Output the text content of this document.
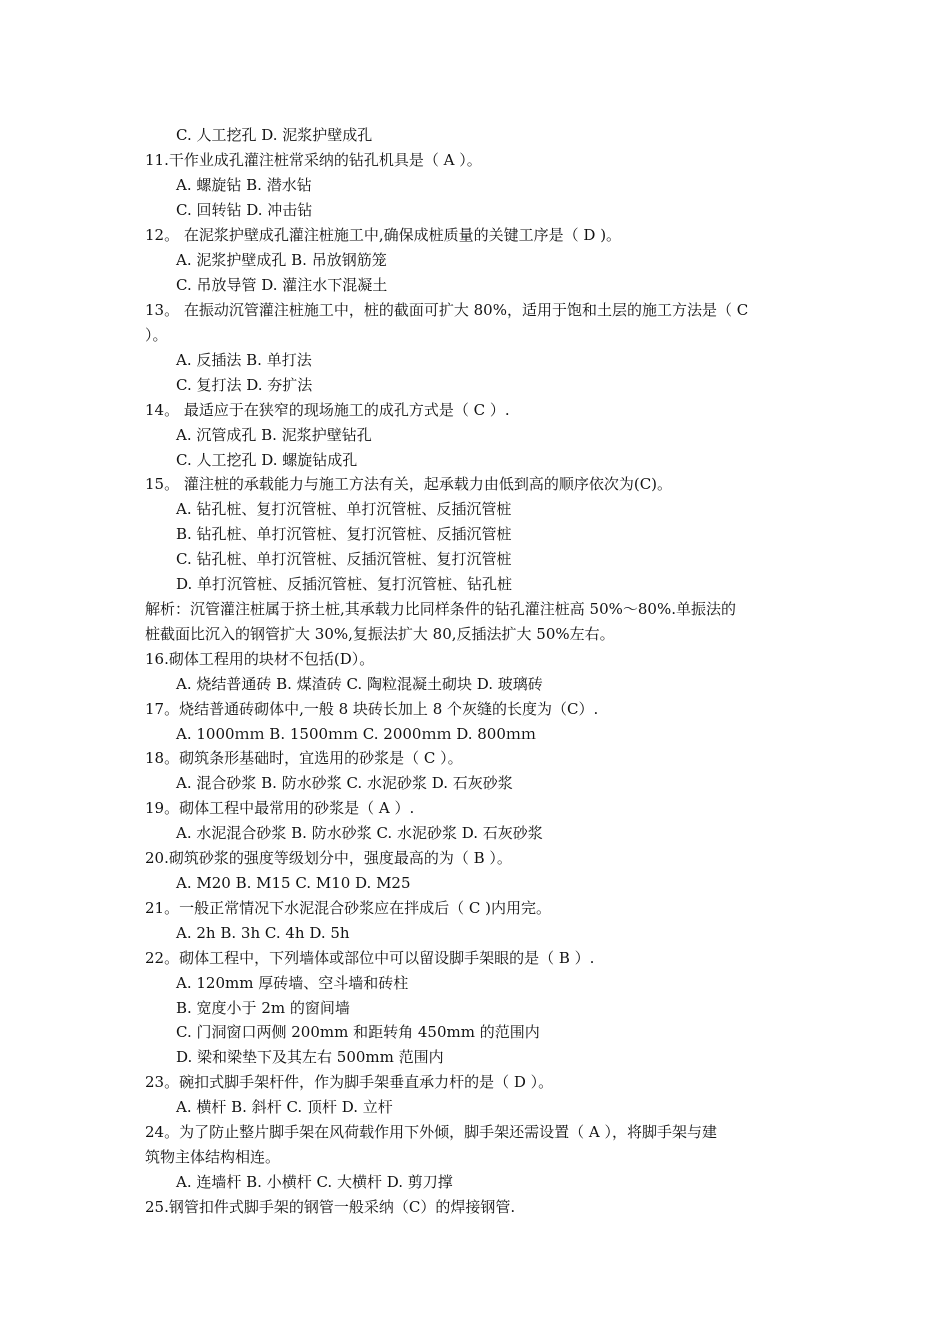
C. 人工挖孔 D. 泥浆护壁成孔
11.干作业成孔灌注桩常采纳的钻孔机具是（ A ）。
A. 螺旋钻 B. 潜水钻
C. 回转钻 D. 冲击钻
12。 在泥浆护壁成孔灌注桩施工中,确保成桩质量的关键工序是（ D )。
A. 泥浆护壁成孔 B. 吊放钢筋笼
C. 吊放导管 D. 灌注水下混凝土
13。 在振动沉管灌注桩施工中，桩的截面可扩大 80%，适用于饱和土层的施工方法是（ C
）。
A. 反插法 B. 单打法
C. 复打法 D. 夯扩法
14。 最适应于在狭窄的现场施工的成孔方式是（ C ）.
A. 沉管成孔 B. 泥浆护壁钻孔
C. 人工挖孔 D. 螺旋钻成孔
15。 灌注桩的承载能力与施工方法有关，起承载力由低到高的顺序依次为(C)。
A. 钻孔桩、复打沉管桩、单打沉管桩、反插沉管桩
B. 钻孔桩、单打沉管桩、复打沉管桩、反插沉管桩
C. 钻孔桩、单打沉管桩、反插沉管桩、复打沉管桩
D. 单打沉管桩、反插沉管桩、复打沉管桩、钻孔桩
解析：沉管灌注桩属于挤土桩,其承载力比同样条件的钻孔灌注桩高 50%～80%.单振法的
桩截面比沉入的钢管扩大 30%,复振法扩大 80,反插法扩大 50%左右。
16.砌体工程用的块材不包括(D）。
A. 烧结普通砖 B. 煤渣砖 C. 陶粒混凝土砌块 D. 玻璃砖
17。烧结普通砖砌体中,一般 8 块砖长加上 8 个灰缝的长度为（C）.
A. 1000ｍｍ B. 1500ｍｍ C. 2000ｍｍ D. 800ｍｍ
18。砌筑条形基础时，宜选用的砂浆是（ C ）。
A. 混合砂浆 B. 防水砂浆 C. 水泥砂浆 D. 石灰砂浆
19。砌体工程中最常用的砂浆是（ A ）.
A. 水泥混合砂浆 B. 防水砂浆 C. 水泥砂浆 D. 石灰砂浆
20.砌筑砂浆的强度等级划分中，强度最高的为（ B ）。
A. M20 B. M15 C. M10 D. M25
21。一般正常情况下水泥混合砂浆应在拌成后（ C )内用完。
A. 2h B. 3h C. 4h D. 5h
22。砌体工程中，下列墙体或部位中可以留设脚手架眼的是（ B ）.
A. 120mm 厚砖墙、空斗墙和砖柱
B. 宽度小于 2m 的窗间墙
C. 门洞窗口两侧 200mm 和距转角 450mm 的范围内
D. 梁和梁垫下及其左右 500mm 范围内
23。碗扣式脚手架杆件，作为脚手架垂直承力杆的是（ D ）。
A. 横杆 B. 斜杆 C. 顶杆 D. 立杆
24。为了防止整片脚手架在风荷载作用下外倾，脚手架还需设置（ A ），将脚手架与建
筑物主体结构相连。
A. 连墙杆 B. 小横杆 C. 大横杆 D. 剪刀撑
25.钢管扣件式脚手架的钢管一般采纳（C）的焊接钢管.
